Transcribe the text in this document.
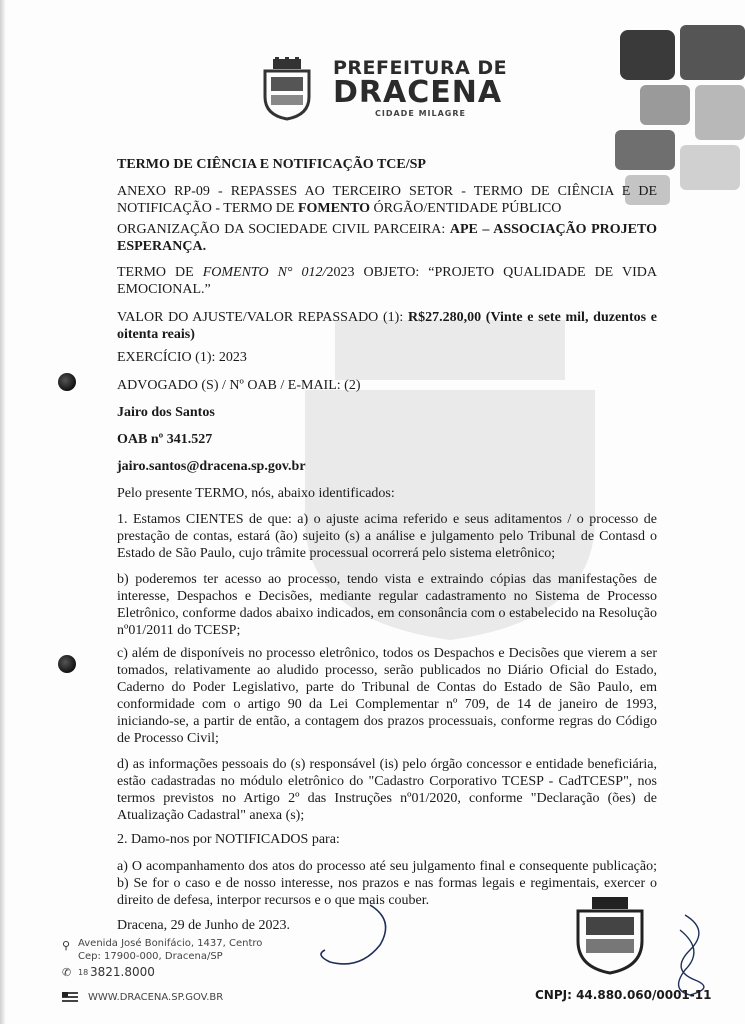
PREFEITURA DE
DRACENA
CIDADE MILAGRE
TERMO DE CIÊNCIA E NOTIFICAÇÃO TCE/SP
ANEXO RP-09 - REPASSES AO TERCEIRO SETOR - TERMO DE CIÊNCIA E DE NOTIFICAÇÃO - TERMO DE FOMENTO ÓRGÃO/ENTIDADE PÚBLICO
ORGANIZAÇÃO DA SOCIEDADE CIVIL PARCEIRA: APE – ASSOCIAÇÃO PROJETO ESPERANÇA.
TERMO DE FOMENTO N° 012/2023 OBJETO: “PROJETO QUALIDADE DE VIDA EMOCIONAL.”
VALOR DO AJUSTE/VALOR REPASSADO (1): R$27.280,00 (Vinte e sete mil, duzentos e oitenta reais)
EXERCÍCIO (1): 2023
ADVOGADO (S) / Nº OAB / E-MAIL: (2)
Jairo dos Santos
OAB nº 341.527
jairo.santos@dracena.sp.gov.br
Pelo presente TERMO, nós, abaixo identificados:
1. Estamos CIENTES de que: a) o ajuste acima referido e seus aditamentos / o processo de prestação de contas, estará (ão) sujeito (s) a análise e julgamento pelo Tribunal de Contasd o Estado de São Paulo, cujo trâmite processual ocorrerá pelo sistema eletrônico;
b) poderemos ter acesso ao processo, tendo vista e extraindo cópias das manifestações de interesse, Despachos e Decisões, mediante regular cadastramento no Sistema de Processo Eletrônico, conforme dados abaixo indicados, em consonância com o estabelecido na Resolução nº01/2011 do TCESP;
c) além de disponíveis no processo eletrônico, todos os Despachos e Decisões que vierem a ser tomados, relativamente ao aludido processo, serão publicados no Diário Oficial do Estado, Caderno do Poder Legislativo, parte do Tribunal de Contas do Estado de São Paulo, em conformidade com o artigo 90 da Lei Complementar nº 709, de 14 de janeiro de 1993, iniciando-se, a partir de então, a contagem dos prazos processuais, conforme regras do Código de Processo Civil;
d) as informações pessoais do (s) responsável (is) pelo órgão concessor e entidade beneficiária, estão cadastradas no módulo eletrônico do "Cadastro Corporativo TCESP - CadTCESP", nos termos previstos no Artigo 2º das Instruções nº01/2020, conforme "Declaração (ões) de Atualização Cadastral" anexa (s);
2. Damo-nos por NOTIFICADOS para:
a) O acompanhamento dos atos do processo até seu julgamento final e consequente publicação; b) Se for o caso e de nosso interesse, nos prazos e nas formas legais e regimentais, exercer o direito de defesa, interpor recursos e o que mais couber.
Dracena, 29 de Junho de 2023.
⚲ Avenida José Bonifácio, 1437, Centro
Cep: 17900-000, Dracena/SP
✆ 18 3821.8000
WWW.DRACENA.SP.GOV.BR	CNPJ: 44.880.060/0001-11
